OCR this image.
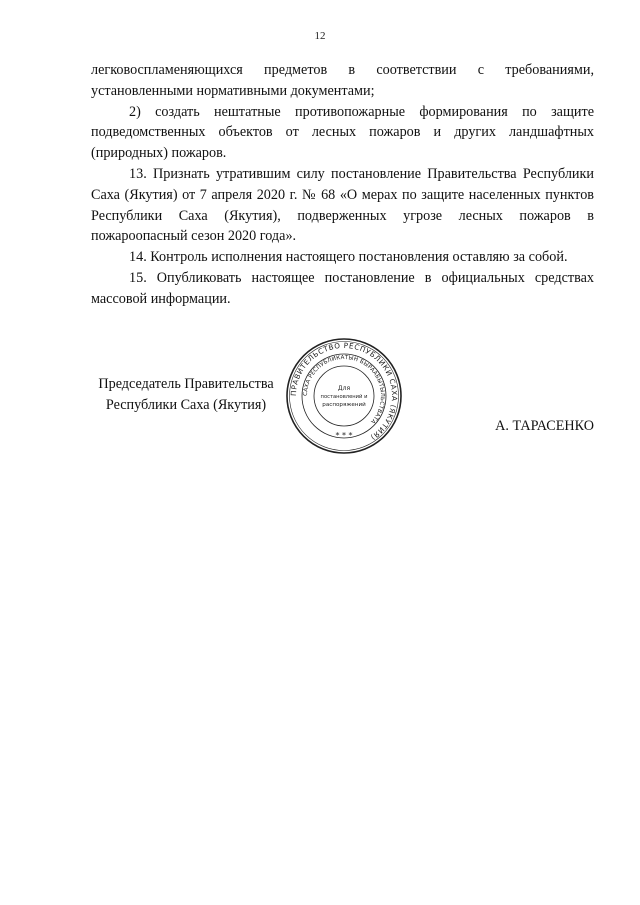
12

легковоспламеняющихся предметов в соответствии с требованиями, установленными нормативными документами;

2) создать нештатные противопожарные формирования по защите подведомственных объектов от лесных пожаров и других ландшафтных (природных) пожаров.

13. Признать утратившим силу постановление Правительства Республики Саха (Якутия) от 7 апреля 2020 г. № 68 «О мерах по защите населенных пунктов Республики Саха (Якутия), подверженных угрозе лесных пожаров в пожароопасный сезон 2020 года».

14. Контроль исполнения настоящего постановления оставляю за собой.

15. Опубликовать настоящее постановление в официальных средствах массовой информации.

Председатель Правительства
Республики Саха (Якутия)
ПРАВИТЕЛЬСТВО РЕСПУБЛИКИ САХА (ЯКУТИЯ)
САХА РЕСПУБЛИКАТЫН БЫРААБЫТЫЛЬСТВАТА
Для
постановлений и
распоряжений
* * *
А. ТАРАСЕНКО
